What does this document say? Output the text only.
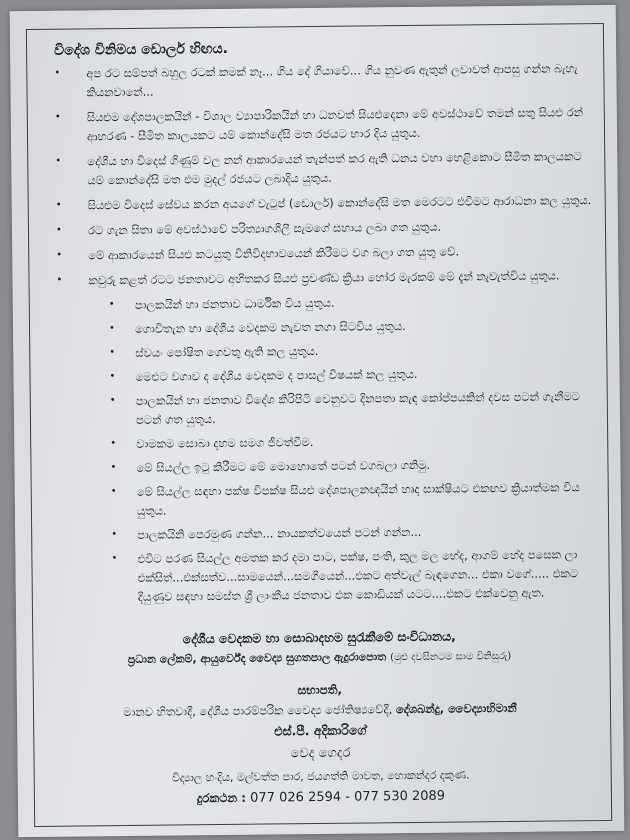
විදේශ විනිමය ඩොලර් හිඟය.
• අප රට සම්පත් බහුල රටක් කමක් නෑ... ගිය දේ ගියාවේ... ගිය නුවණ ඇතුන් ලවාවත් ආපසු ගන්න බැහැ කියනවානේ...
• සියළුම දේශපාලකයින් - විශාල ව්‍යාපාරිකයින් හා ධනවත් සියළුදෙනා මේ අවස්ථාවේ තමන් සතු සියළු රන් ආභරණ - සීමිත කාලයකට යම් කොන්දේසි මත රජයට භාර දිය යුතුය.
• දේශීය හා විදෙස් ගිණුම් වල නන් ආකාරයෙන් තැන්පත් කර ඇති ධනය වහා හෙළිකොට සීමිත කාලයකට යම් කොන්දේසි මත එම මුදල් රජයට ලබාදිය යුතුය.
• සියළුම විදෙස් සේවය කරන අයගේ වැටුප් (ඩොලර්) කොන්දේසි මත මෙරටට එවීමට ආරාධනා කල යුතුය.
• රට ගැන සිතා මේ අවස්ථාවේ පරිත්‍යාගශීලී සැමගේ සහාය ලබා ගත යුතුය.
• මේ ආකාරයෙන් සියළු කටයුතු විනිවිදභාවයෙන් කිරීමට වග බලා ගත යුතු වේ.
• කවුරු කළත් රටට ජනතාවට අහිතකර සියළු ප්‍රචණ්ඩ ක්‍රියා හෝර මැරකම් මේ දැන් නැවැත්විය යුතුය.
• පාලකයින් හා ජනතාව ධාර්මික විය යුතුය.
• ගොවිතැන හා දේශීය වෙදකම නැවත නගා සිටවිය යුතුය.
• ස්වයං පෝෂිත ගෙවතු ඇති කල යුතුය.
• මෙළුට වගාව ද දේශීය වෙදකම ද පාසල් විෂයක් කල යුතුය.
• පාලකයින් හා ජනතාව විදේශ කිරිපිටි වෙනුවට දිනපතා කැඳ කෝප්පයකින් දවස පටන් ගැනීමට පටන් ගත යුතුය.
• වාමකම සොබා දහම සමග ජීවත්වීම.
• මේ සියල්ල ඉටු කිරීමට මේ මොහොතේ පටන් වගබලා ගනිමු.
• මේ සියල්ල සඳහා පක්ෂ විපක්ෂ සියළු දේශපාලනඥයින් හෘද සාක්ෂියට එකඟව ක්‍රියාත්මක විය යුතුය.
• පාලකයිනි පෙරමුණ ගන්න... නායකත්වයෙන් පටන් ගන්න...
• එවිට පරණ සියල්ල අමතක කර දමා පාට, පක්ෂ, පංති, කුල මල භේද, ආගම් භේද පසෙක ලා එක්සිත්...එක්සත්ව...සාමයෙන්...සමගියෙන්...එකට අත්වැල් බැඳගෙන... එකා වගේ..... එකට දියුණුව සඳහා සමස්ත ශ්‍රී ලාංකීය ජනතාව එක කොඩියක් යටට....එකට එක්වෙනු ඇත.
දේශීය වෙදකම හා සොබාදහම සුරැකීමේ සංවිධානය,
ප්‍රධාන ලේකම්, ආයුර්වේද වෛද්‍ය සුගතපාල ඇදුරාපොත (මුළු දවසිනටම සාම විනිසුරු)
සභාපති,
මානව හිතවාදී, දේශීය පාරම්පරික වෛද්‍ය ජෝතිෂ්‍යවේදී, දේශබන්දු, වෛද්‍යාභිමානී
එස්.පී. අදිකාරිගේ
වෙද ගෙදර
විද්‍යාල හංදිය, මල්වත්ත පාර, ජයගත්ති මාවත, හොකන්දර දකුණ.
දුරකථන : 077 026 2594 - 077 530 2089
